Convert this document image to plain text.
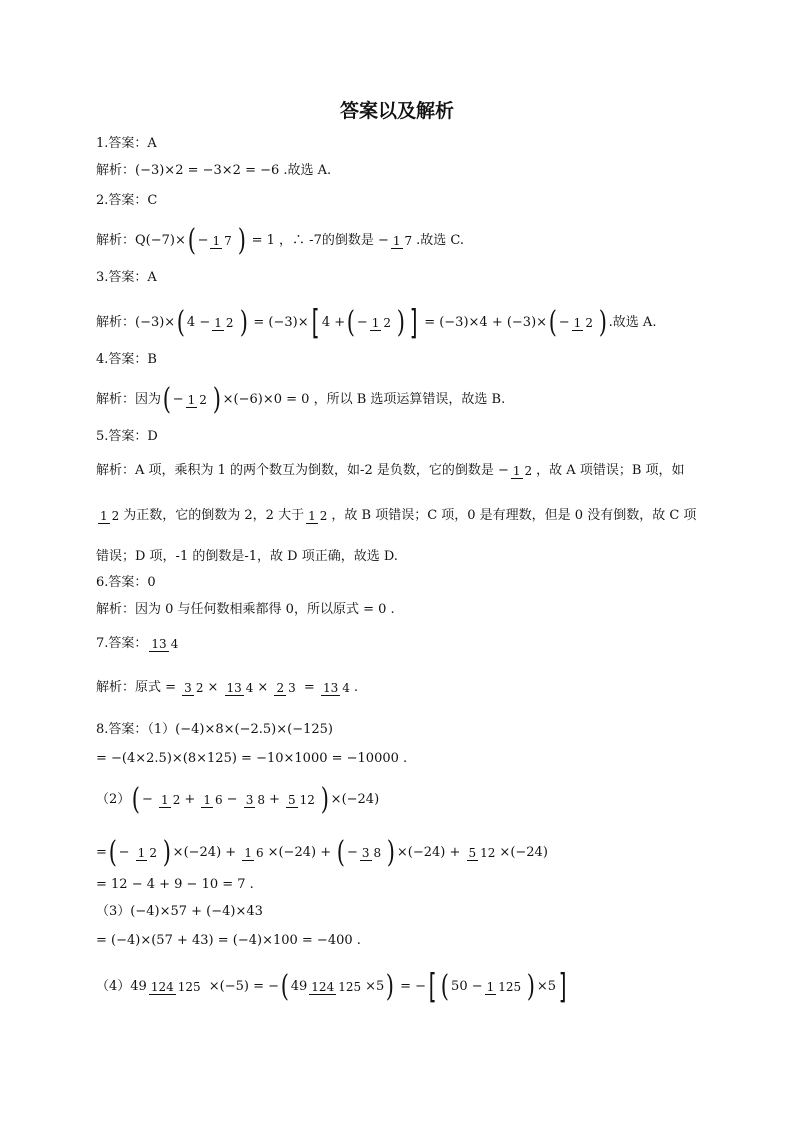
答案以及解析
1.答案：A
解析：(−3)×2 = −3×2 = −6 .故选 A.
2.答案：C
解析：Q(−7)×( − 1 7 ) = 1 ，∴ -7的倒数是 − 1 7 .故选 C.
3.答案：A
解析：(−3)×( 4 − 1 2 ) = (−3)×[ 4 +( − 1 2 ) ] = (−3)×4 + (−3)×( − 1 2 ) .故选 A.
4.答案：B
解析：因为( − 1 2 ) ×(−6)×0 = 0 ，所以 B 选项运算错误，故选 B.
5.答案：D
解析：A 项，乘积为 1 的两个数互为倒数，如-2 是负数，它的倒数是 − 1 2 ，故 A 项错误；B 项，如
1 2 为正数，它的倒数为 2，2 大于 1 2 ，故 B 项错误；C 项，0 是有理数，但是 0 没有倒数，故 C 项
错误；D 项，-1 的倒数是-1，故 D 项正确，故选 D.
6.答案：0
解析：因为 0 与任何数相乘都得 0，所以原式 = 0 .
7.答案： 13 4
解析：原式 = 3 2 × 13 4 × 2 3 = 13 4 .
8.答案：（1）(−4)×8×(−2.5)×(−125)
= −(4×2.5)×(8×125) = −10×1000 = −10000 .
（2）( − 1 2 + 1 6 − 3 8 + 5 12 ) ×(−24)
=( − 1 2 ) ×(−24) + 1 6 ×(−24) + ( − 3 8 ) ×(−24) + 5 12 ×(−24)
= 12 − 4 + 9 − 10 = 7 .
（3）(−4)×57 + (−4)×43
= (−4)×(57 + 43) = (−4)×100 = −400 .
（4）49 124 125 ×(−5) = −( 49 124 125 ×5) = −[ ( 50 − 1 125 ) ×5]
